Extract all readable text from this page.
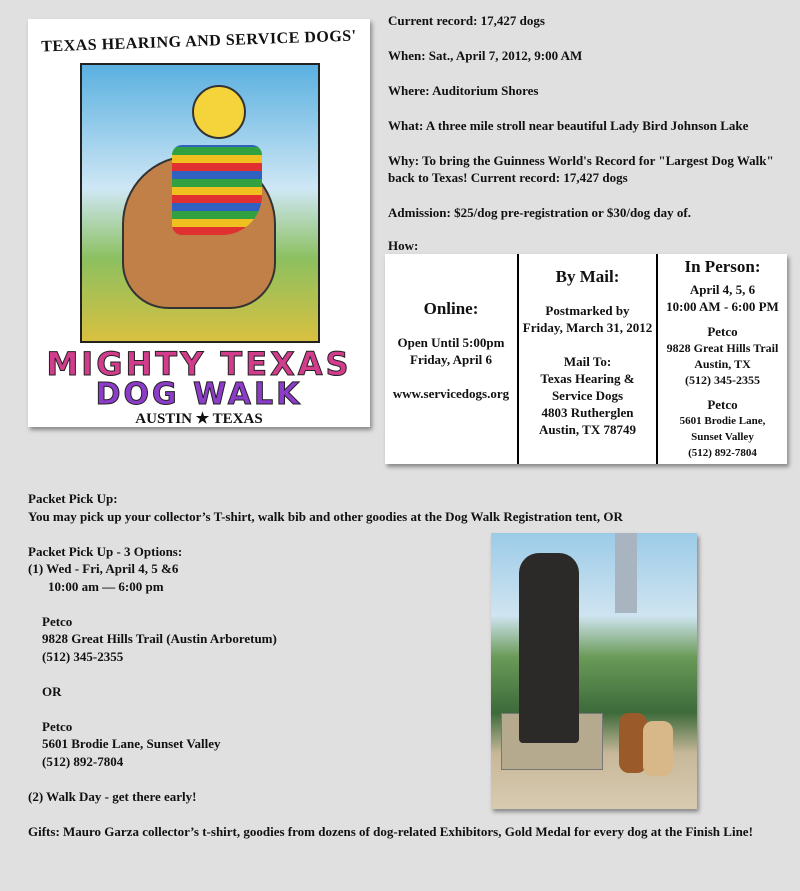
TEXAS HEARING AND SERVICE DOGS'
MIGHTY TEXAS
DOG WALK
AUSTIN ★ TEXAS

Current record: 17,427 dogs

When: Sat., April 7, 2012, 9:00 AM

Where: Auditorium Shores

What: A three mile stroll near beautiful Lady Bird Johnson Lake

Why: To bring the Guinness World's Record for "Largest Dog Walk" back to Texas! Current record: 17,427 dogs

Admission: $25/dog pre-registration or $30/dog day of.

How:

Online:

Open Until 5:00pm
Friday, April 6

www.servicedogs.org
By Mail:

Postmarked by
Friday, March 31, 2012

Mail To:
Texas Hearing &
Service Dogs
4803 Rutherglen
Austin, TX 78749
In Person:
April 4, 5, 6
10:00 AM - 6:00 PM
Petco
9828 Great Hills Trail
Austin, TX
(512) 345-2355
Petco
5601 Brodie Lane,
Sunset Valley
(512) 892-7804
Packet Pick Up:
You may pick up your collector’s T-shirt, walk bib and other goodies at the Dog Walk Registration tent, OR
Packet Pick Up - 3 Options:
(1) Wed - Fri, April 4, 5 &6
10:00 am — 6:00 pm
Petco
9828 Great Hills Trail (Austin Arboretum)
(512) 345-2355
OR
Petco
5601 Brodie Lane, Sunset Valley
(512) 892-7804
(2) Walk Day - get there early!
Gifts: Mauro Garza collector’s t-shirt, goodies from dozens of dog-related Exhibitors, Gold Medal for every dog at the Finish Line!
